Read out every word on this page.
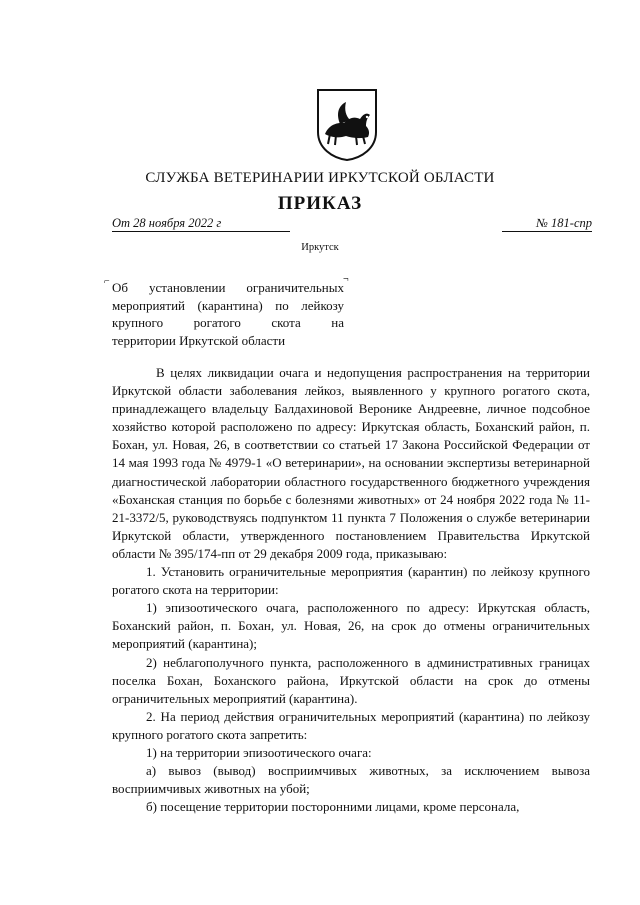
СЛУЖБА ВЕТЕРИНАРИИ ИРКУТСКОЙ ОБЛАСТИ
ПРИКАЗ
От 28 ноября 2022 г	№ 181-спр
Иркутск
⌐	¬
Об установлении ограничительных
мероприятий (карантина) по лейкозу
крупного рогатого скота на
территории Иркутской области

В целях ликвидации очага и недопущения распространения на территории Иркутской области заболевания лейкоз, выявленного у крупного рогатого скота, принадлежащего владельцу Балдахиновой Веронике Андреевне, личное подсобное хозяйство которой расположено по адресу: Иркутская область, Боханский район, п. Бохан, ул. Новая, 26, в соответствии со статьей 17 Закона Российской Федерации от 14 мая 1993 года № 4979-1 «О ветеринарии», на основании экспертизы ветеринарной диагностической лаборатории областного государственного бюджетного учреждения «Боханская станция по борьбе с болезнями животных» от 24 ноября 2022 года № 11-21-3372/5, руководствуясь подпунктом 11 пункта 7 Положения о службе ветеринарии Иркутской области, утвержденного постановлением Правительства Иркутской области № 395/174-пп от 29 декабря 2009 года, приказываю:

1. Установить ограничительные мероприятия (карантин) по лейкозу крупного рогатого скота на территории:

1) эпизоотического очага, расположенного по адресу: Иркутская область, Боханский район, п. Бохан, ул. Новая, 26, на срок до отмены ограничительных мероприятий (карантина);

2) неблагополучного пункта, расположенного в административных границах поселка Бохан, Боханского района, Иркутской области на срок до отмены ограничительных мероприятий (карантина).

2. На период действия ограничительных мероприятий (карантина) по лейкозу крупного рогатого скота запретить:

1) на территории эпизоотического очага:

а) вывоз (вывод) восприимчивых животных, за исключением вывоза восприимчивых животных на убой;

б) посещение территории посторонними лицами, кроме персонала,
